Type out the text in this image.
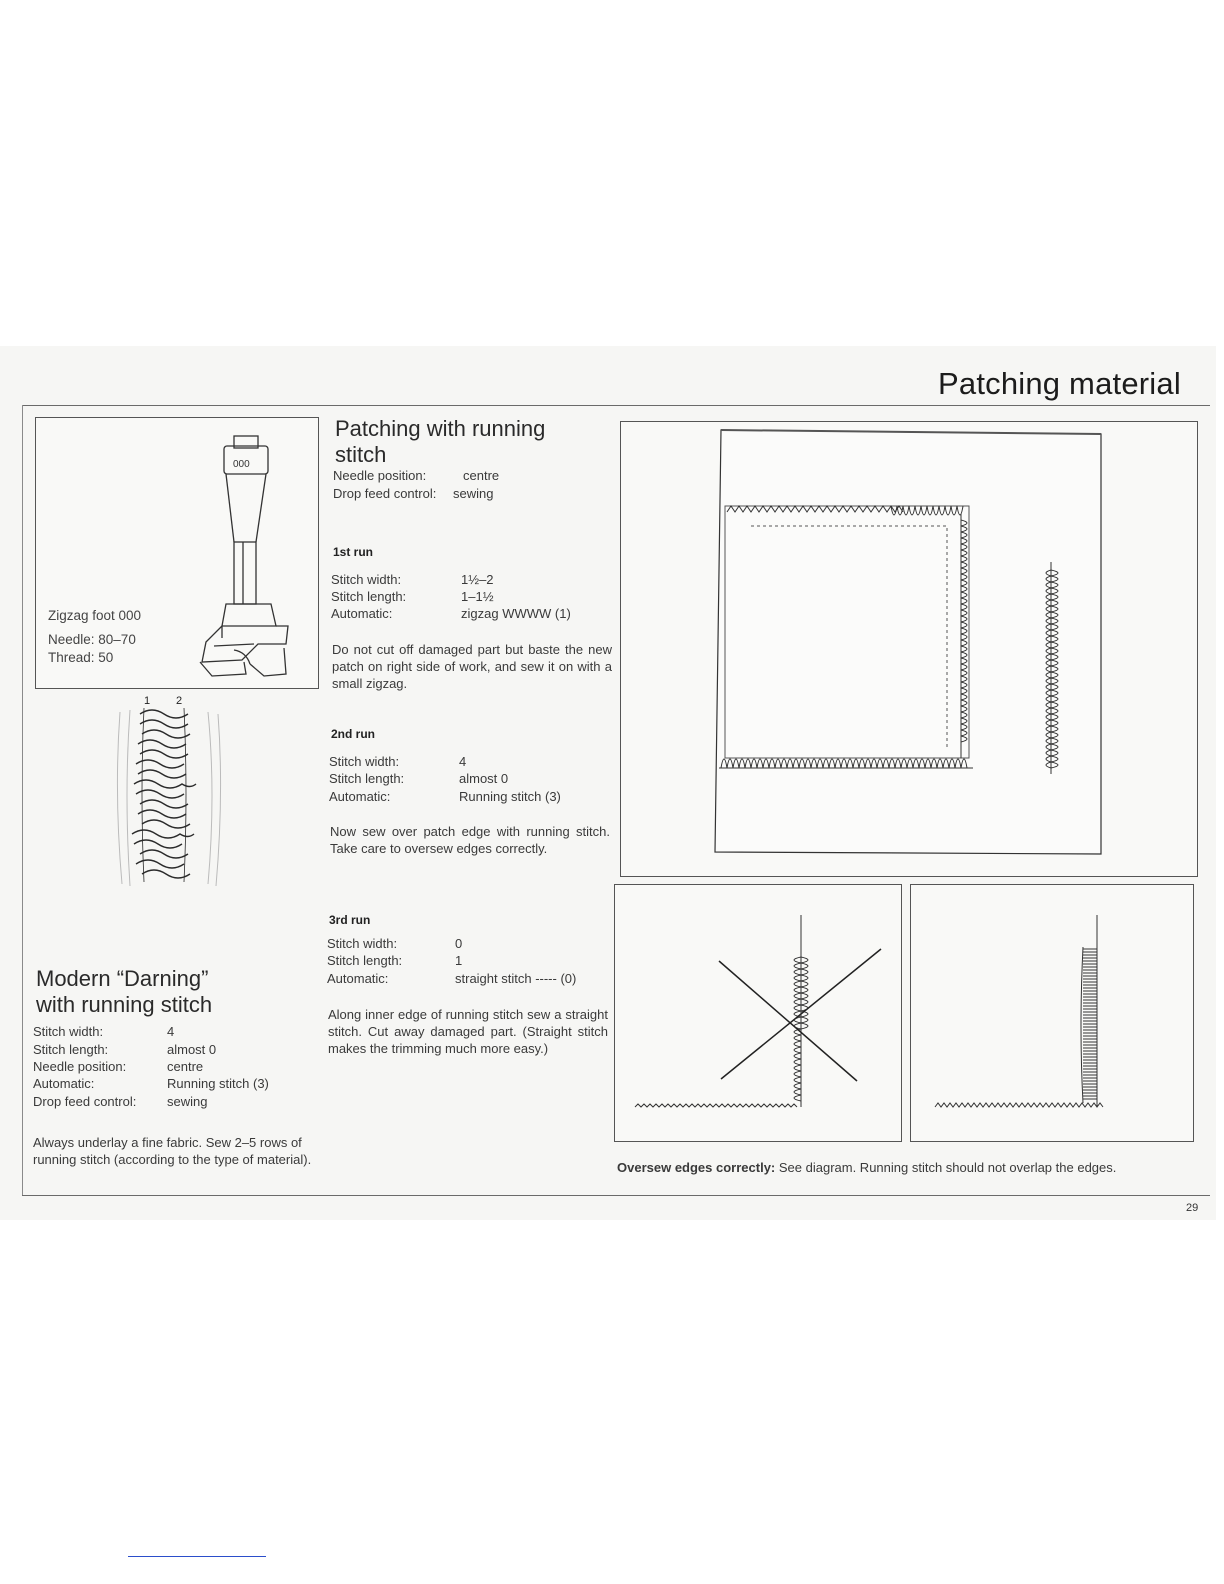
Patching material
000
Zigzag foot 000
Needle: 80–70
Thread: 50
1 2
Modern “Darning”
with running stitch
Stitch width:	4
Stitch length:	almost 0
Needle position:	centre
Automatic:	Running stitch (3)
Drop feed control: sewing
Always underlay a fine fabric. Sew 2–5 rows of running stitch (according to the type of material).
Patching with running
stitch
Needle position:	centre
Drop feed control: sewing
1st run
Stitch width:	1½–2
Stitch length:	1–1½
Automatic:	zigzag WWWW (1)
Do not cut off damaged part but baste the new patch on right side of work, and sew it on with a small zigzag.
2nd run
Stitch width:	4
Stitch length:	almost 0
Automatic:	Running stitch (3)
Now sew over patch edge with running stitch. Take care to oversew edges correctly.
3rd run
Stitch width:	0
Stitch length:	1
Automatic:	straight stitch ----- (0)
Along inner edge of running stitch sew a straight stitch. Cut away damaged part. (Straight stitch makes the trimming much more easy.)
Oversew edges correctly: See diagram. Running stitch should not overlap the edges.
29
